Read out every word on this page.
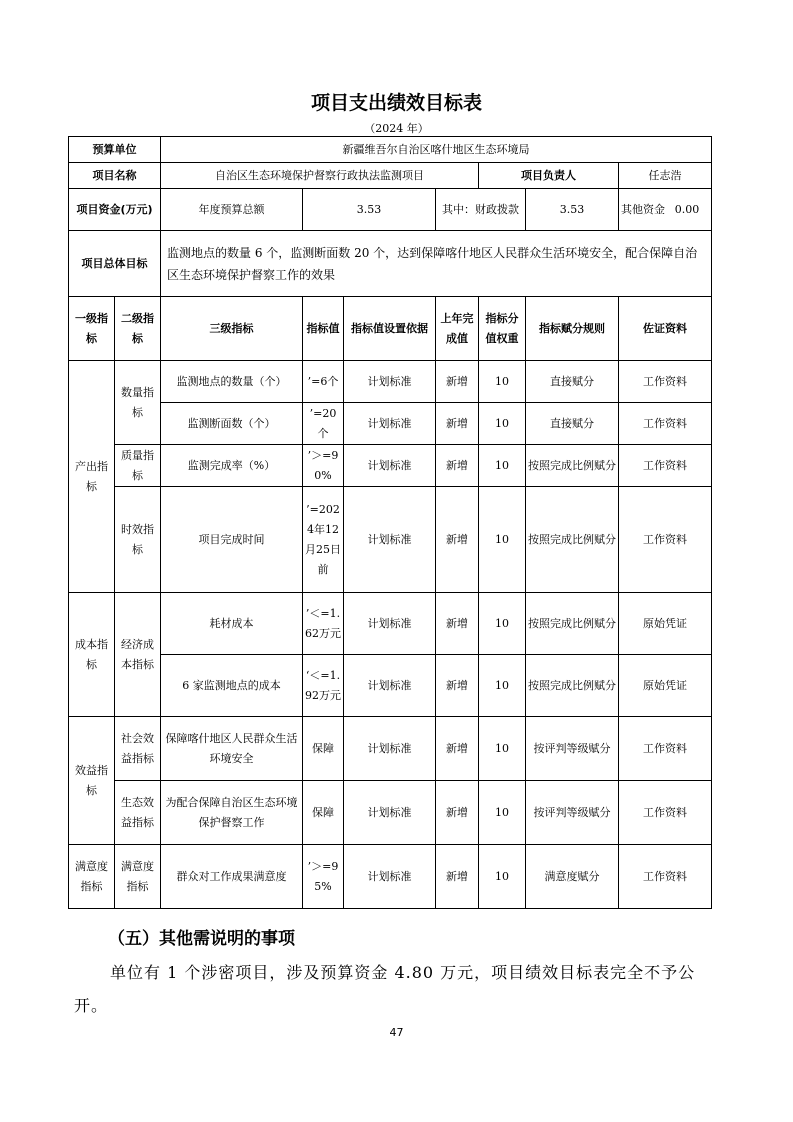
项目支出绩效目标表
（2024 年）
预算单位		新疆维吾尔自治区喀什地区生态环境局						
项目名称		自治区生态环境保护督察行政执法监测项目				项目负责人		任志浩
项目资金(万元)		年度预算总额	3.53		其中：财政拨款		3.53	其他资金 0.00

项目总体目标		监测地点的数量 6 个，监测断面数 20 个，达到保障喀什地区人民群众生活环境安全，配合保障自治区生态环境保护督察工作的效果						
一级指标	二级指标	三级指标	指标值	指标值设置依据	上年完成值	指标分值权重	指标赋分规则	佐证资料
产出指标	数量指标	监测地点的数量（个）	’=6个	计划标准	新增	10	直接赋分	工作资料
		监测断面数（个）	’=20个	计划标准	新增	10	直接赋分	工作资料
	质量指标	监测完成率（%）	’＞=90%	计划标准	新增	10	按照完成比例赋分	工作资料
	时效指标	项目完成时间	’=2024年12月25日前	计划标准	新增	10	按照完成比例赋分	工作资料
成本指标	经济成本指标	耗材成本	’＜=1.62万元	计划标准	新增	10	按照完成比例赋分	原始凭证
		6 家监测地点的成本	‘＜=1.92万元	计划标准	新增	10	按照完成比例赋分	原始凭证
效益指标	社会效益指标	保障喀什地区人民群众生活环境安全	保障	计划标准	新增	10	按评判等级赋分	工作资料
	生态效益指标	为配合保障自治区生态环境保护督察工作	保障	计划标准	新增	10	按评判等级赋分	工作资料
满意度指标	满意度指标	群众对工作成果满意度	’＞=95%	计划标准	新增	10	满意度赋分	工作资料
（五）其他需说明的事项
单位有 1 个涉密项目，涉及预算资金 4.80 万元，项目绩效目标表完全不予公开。
47
